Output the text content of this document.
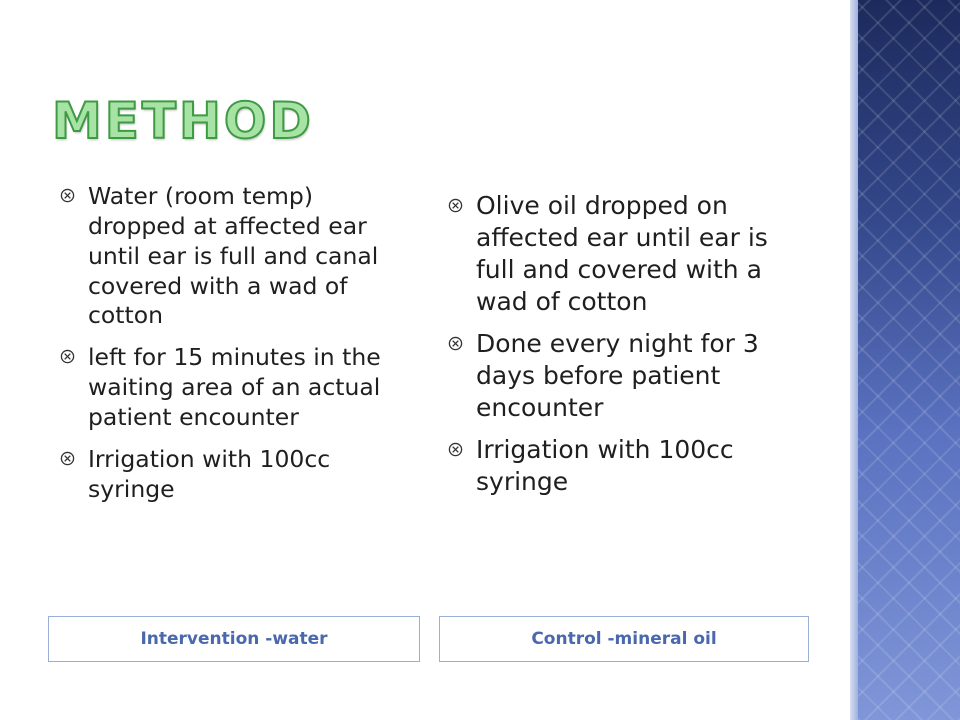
METHOD
Water (room temp) dropped at affected ear until ear is full and canal covered with a wad of cotton
left for 15 minutes in the waiting area of an actual patient encounter
Irrigation with 100cc syringe
Olive oil dropped on affected ear until ear is full and covered with a wad of cotton
Done every night for 3 days before patient encounter
Irrigation with 100cc syringe
Intervention -water	Control -mineral oil
